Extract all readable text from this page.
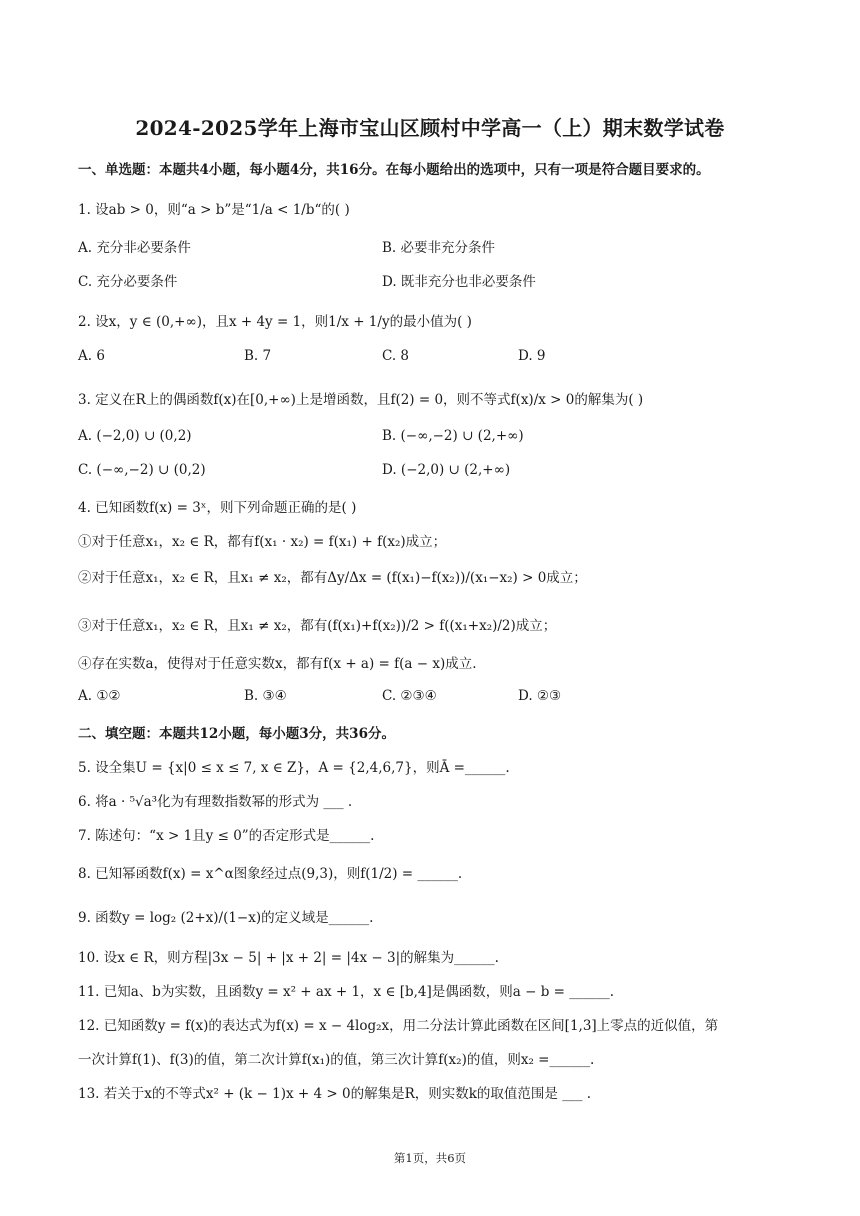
2024-2025学年上海市宝山区顾村中学高一（上）期末数学试卷
一、单选题：本题共4小题，每小题4分，共16分。在每小题给出的选项中，只有一项是符合题目要求的。
1. 设ab > 0，则“a > b”是“1/a < 1/b“的( )
A. 充分非必要条件	B. 必要非充分条件
C. 充分必要条件	D. 既非充分也非必要条件
2. 设x，y ∈ (0,+∞)，且x + 4y = 1，则1/x + 1/y的最小值为( )
A. 6	B. 7	C. 8	D. 9
3. 定义在R上的偶函数f(x)在[0,+∞)上是增函数，且f(2) = 0，则不等式f(x)/x > 0的解集为( )
A. (−2,0) ∪ (0,2)	B. (−∞,−2) ∪ (2,+∞)
C. (−∞,−2) ∪ (0,2)	D. (−2,0) ∪ (2,+∞)
4. 已知函数f(x) = 3ˣ，则下列命题正确的是( )
①对于任意x₁，x₂ ∈ R，都有f(x₁ · x₂) = f(x₁) + f(x₂)成立；
②对于任意x₁，x₂ ∈ R，且x₁ ≠ x₂，都有Δy/Δx = (f(x₁)−f(x₂))/(x₁−x₂) > 0成立；
③对于任意x₁，x₂ ∈ R，且x₁ ≠ x₂，都有(f(x₁)+f(x₂))/2 > f((x₁+x₂)/2)成立；
④存在实数a，使得对于任意实数x，都有f(x + a) = f(a − x)成立.
A. ①②	B. ③④	C. ②③④	D. ②③
二、填空题：本题共12小题，每小题3分，共36分。
5. 设全集U = {x|0 ≤ x ≤ 7, x ∈ Z}，A = {2,4,6,7}，则Ā =______.
6. 将a · ⁵√a³化为有理数指数幂的形式为 ___ .
7. 陈述句：“x > 1且y ≤ 0”的否定形式是______.
8. 已知幂函数f(x) = x^α图象经过点(9,3)，则f(1/2) = ______.
9. 函数y = log₂ (2+x)/(1−x)的定义域是______.
10. 设x ∈ R，则方程|3x − 5| + |x + 2| = |4x − 3|的解集为______.
11. 已知a、b为实数，且函数y = x² + ax + 1，x ∈ [b,4]是偶函数，则a − b = ______.
12. 已知函数y = f(x)的表达式为f(x) = x − 4log₂x，用二分法计算此函数在区间[1,3]上零点的近似值，第
一次计算f(1)、f(3)的值，第二次计算f(x₁)的值，第三次计算f(x₂)的值，则x₂ =______.
13. 若关于x的不等式x² + (k − 1)x + 4 > 0的解集是R，则实数k的取值范围是 ___ .
第1页，共6页
